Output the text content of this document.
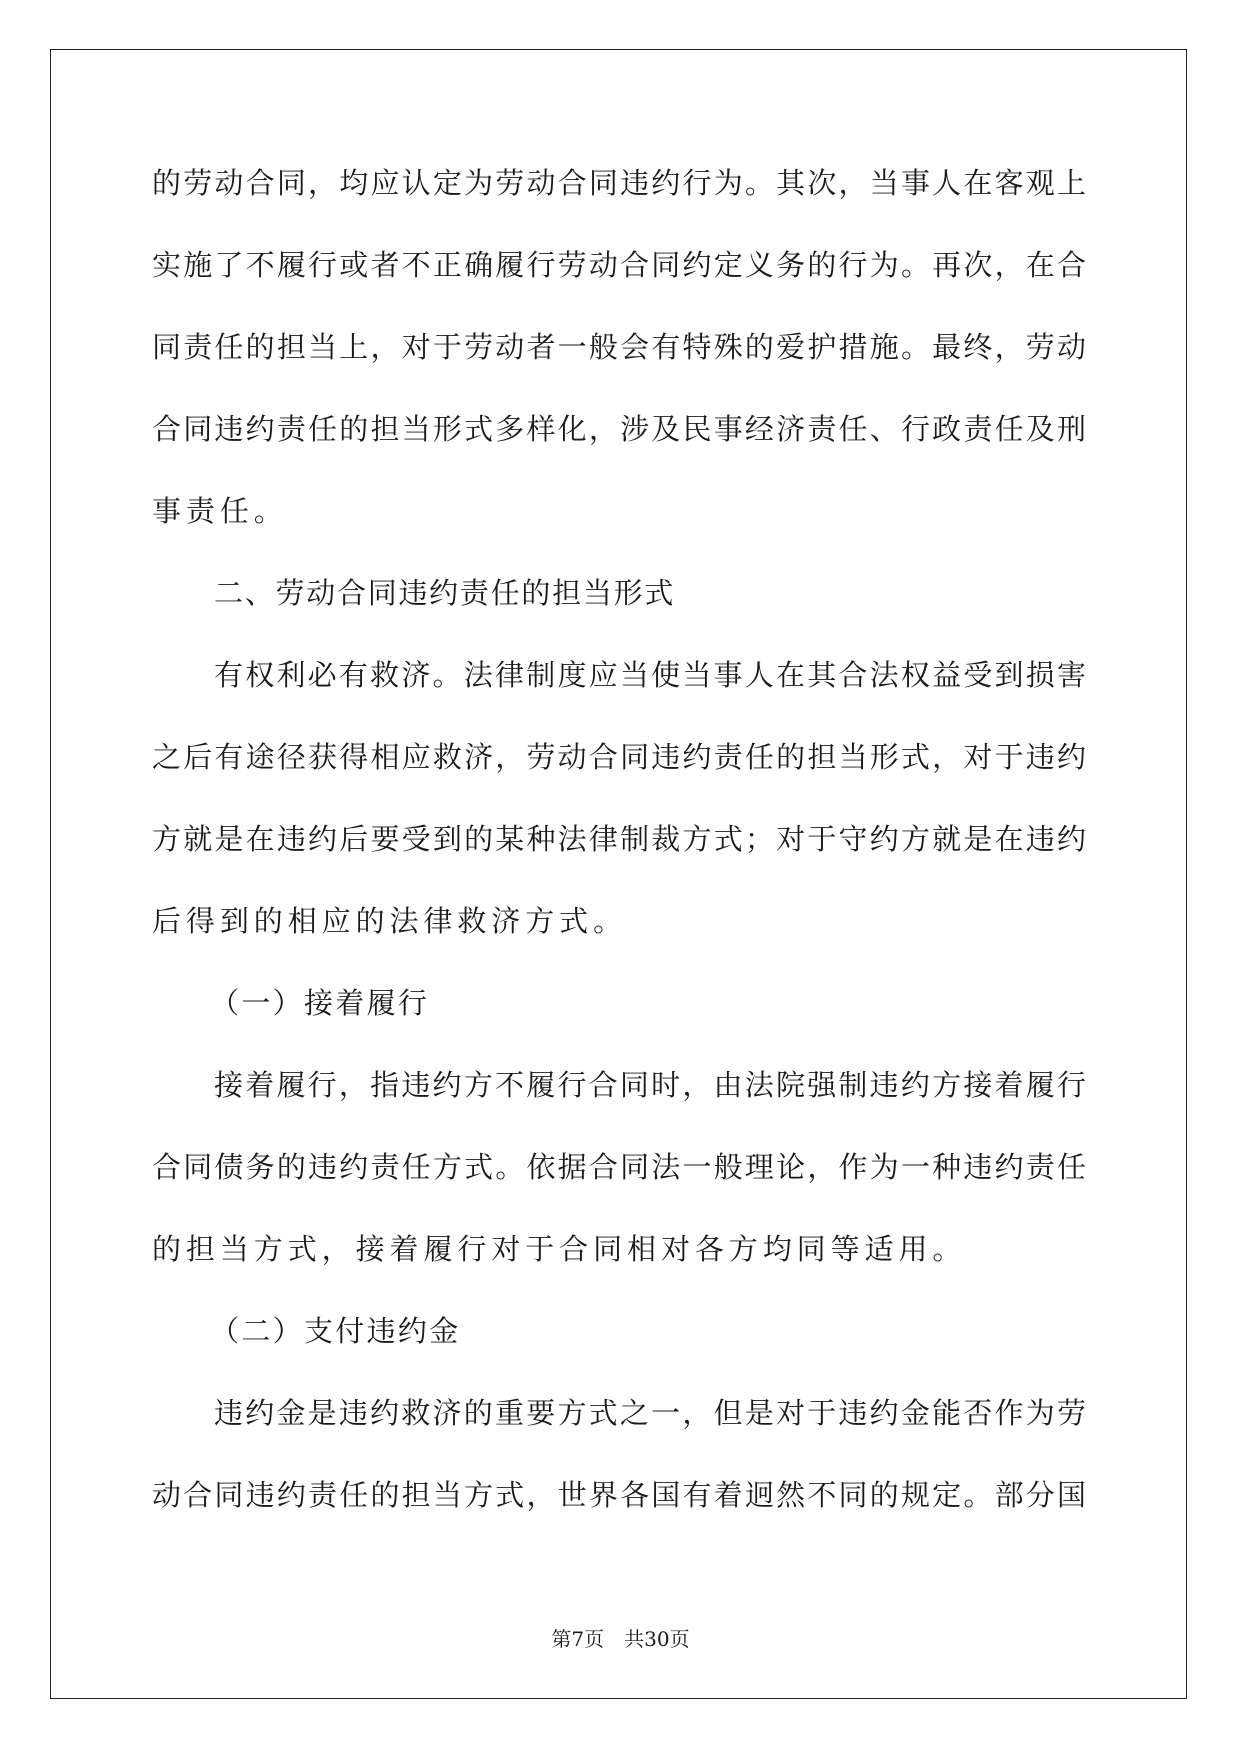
的劳动合同，均应认定为劳动合同违约行为。其次，当事人在客观上
实施了不履行或者不正确履行劳动合同约定义务的行为。再次，在合
同责任的担当上，对于劳动者一般会有特殊的爱护措施。最终，劳动
合同违约责任的担当形式多样化，涉及民事经济责任、行政责任及刑
事责任。
二、劳动合同违约责任的担当形式
有权利必有救济。法律制度应当使当事人在其合法权益受到损害
之后有途径获得相应救济，劳动合同违约责任的担当形式，对于违约
方就是在违约后要受到的某种法律制裁方式；对于守约方就是在违约
后得到的相应的法律救济方式。
（一）接着履行
接着履行，指违约方不履行合同时，由法院强制违约方接着履行
合同债务的违约责任方式。依据合同法一般理论，作为一种违约责任
的担当方式，接着履行对于合同相对各方均同等适用。
（二）支付违约金
违约金是违约救济的重要方式之一，但是对于违约金能否作为劳
动合同违约责任的担当方式，世界各国有着迥然不同的规定。部分国
第7页 共30页
